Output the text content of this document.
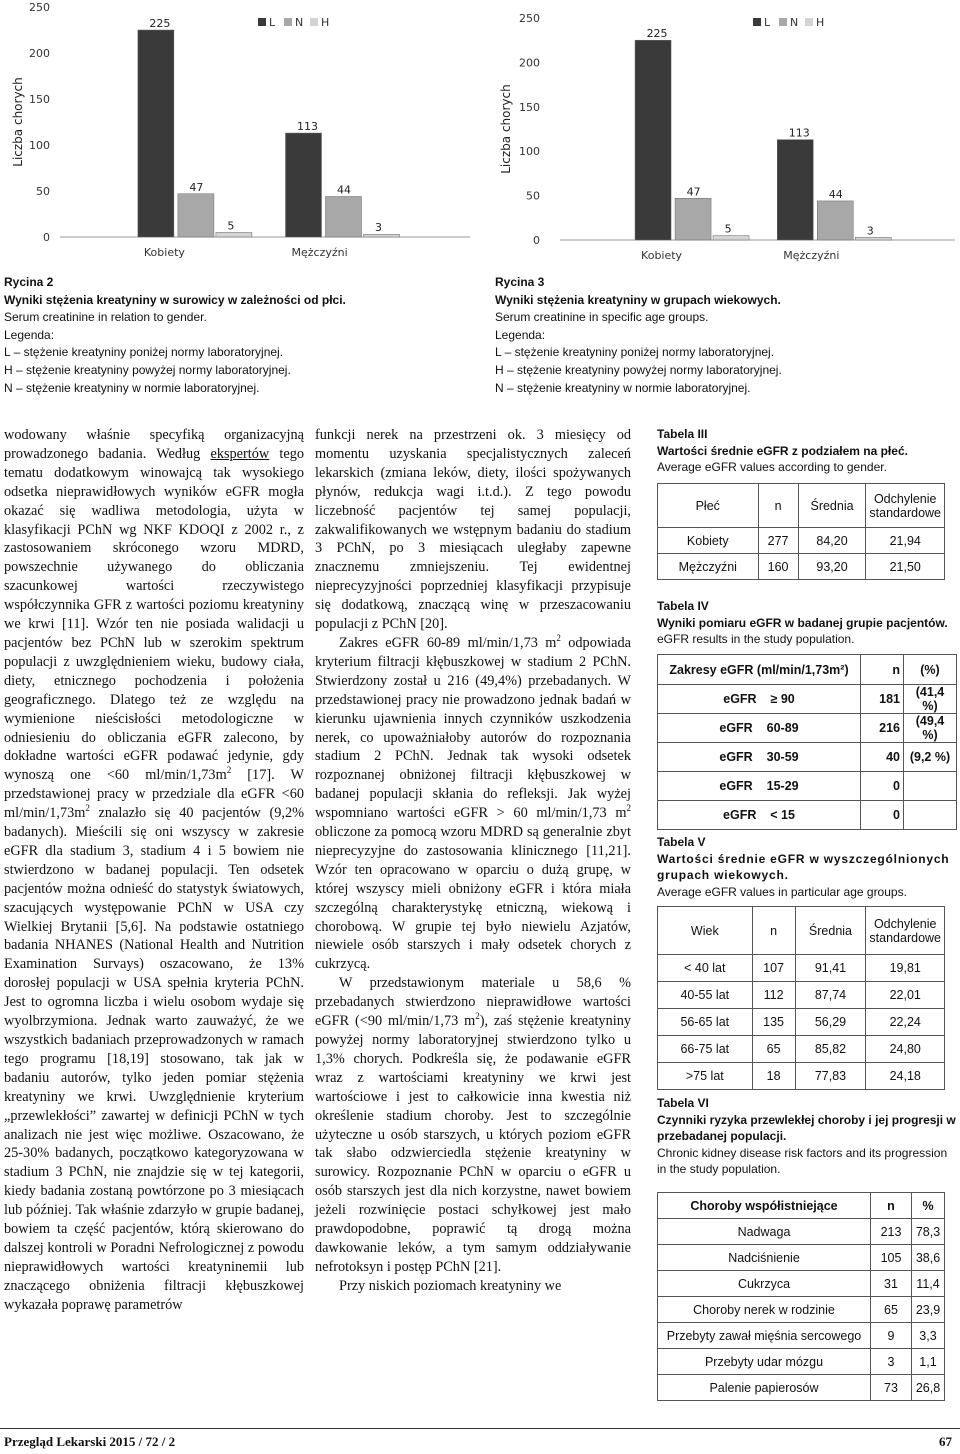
0
50
100
150
200
250
Liczba chorych
L N H
225
47
5
Kobiety
113
44
3
Mężczyźni
0
50
100
150
200
250
Liczba chorych
L N H
225
47
5
Kobiety
113
44
3
Mężczyźni
Rycina 2
Wyniki stężenia kreatyniny w surowicy w zależności od płci.
Serum creatinine in relation to gender.
Legenda:
L – stężenie kreatyniny poniżej normy laboratoryjnej.
H – stężenie kreatyniny powyżej normy laboratoryjnej.
N – stężenie kreatyniny w normie laboratoryjnej.
Rycina 3
Wyniki stężenia kreatyniny w grupach wiekowych.
Serum creatinine in specific age groups.
Legenda:
L – stężenie kreatyniny poniżej normy laboratoryjnej.
H – stężenie kreatyniny powyżej normy laboratoryjnej.
N – stężenie kreatyniny w normie laboratoryjnej.

wodowany właśnie specyfiką organizacyjną prowadzonego badania. Według ekspertów tego tematu dodatkowym winowajcą tak wysokiego odsetka nieprawidłowych wyników eGFR mogła okazać się wadliwa metodologia, użyta w klasyfikacji PChN wg NKF KDOQI z 2002 r., z zastosowaniem skróconego wzoru MDRD, powszechnie używanego do obliczania szacunkowej wartości rzeczywistego współczynnika GFR z wartości poziomu kreatyniny we krwi [11]. Wzór ten nie posiada walidacji u pacjentów bez PChN lub w szerokim spektrum populacji z uwzględnieniem wieku, budowy ciała, diety, etnicznego pochodzenia i położenia geograficznego. Dlatego też ze względu na wymienione nieścisłości metodologiczne w odniesieniu do obliczania eGFR zalecono, by dokładne wartości eGFR podawać jedynie, gdy wynoszą one <60 $ml/\min/1,73m^2$ [17]. W przedstawionej pracy w przedziale dla eGFR <60 $ml/\min/1,73m^2$ znalazło się 40 pacjentów (9,2% badanych). Mieścili się oni wszyscy w zakresie eGFR dla stadium 3, stadium 4 i 5 bowiem nie stwierdzono w badanej populacji. Ten odsetek pacjentów można odnieść do statystyk światowych, szacujących występowanie PChN w USA czy Wielkiej Brytanii [5,6]. Na podstawie ostatniego badania NHANES (National Health and Nutrition Examination Survays) oszacowano, że 13% dorosłej populacji w USA spełnia kryteria PChN. Jest to ogromna liczba i wielu osobom wydaje się wyolbrzymiona. Jednak warto zauważyć, że we wszystkich badaniach przeprowadzonych w ramach tego programu [18,19] stosowano, tak jak w badaniu autorów, tylko jeden pomiar stężenia kreatyniny we krwi. Uwzględnienie kryterium „przewlekłości” zawartej w definicji PChN w tych analizach nie jest więc możliwe. Oszacowano, że 25-30% badanych, początkowo kategoryzowana w stadium 3 PChN, nie znajdzie się w tej kategorii, kiedy badania zostaną powtórzone po 3 miesiącach lub później. Tak właśnie zdarzyło w grupie badanej, bowiem ta część pacjentów, którą skierowano do dalszej kontroli w Poradni Nefrologicznej z powodu nieprawidłowych wartości kreatyninemii lub znaczącego obniżenia filtracji kłębuszkowej wykazała poprawę parametrów

funkcji nerek na przestrzeni ok. 3 miesięcy od momentu uzyskania specjalistycznych zaleceń lekarskich (zmiana leków, diety, ilości spożywanych płynów, redukcja wagi i.t.d.). Z tego powodu liczebność pacjentów tej samej populacji, zakwalifikowanych we wstępnym badaniu do stadium 3 PChN, po 3 miesiącach uległaby zapewne znacznemu zmniejszeniu. Tej ewidentnej nieprecyzyjności poprzedniej klasyfikacji przypisuje się dodatkową, znaczącą winę w przeszacowaniu populacji z PChN [20].

Zakres eGFR 60-89 ml/min/1,73 $m^2$ odpowiada kryterium filtracji kłębuszkowej w stadium 2 PChN. Stwierdzony został u 216 (49,4%) przebadanych. W przedstawionej pracy nie prowadzono jednak badań w kierunku ujawnienia innych czynników uszkodzenia nerek, co upoważniałoby autorów do rozpoznania stadium 2 PChN. Jednak tak wysoki odsetek rozpoznanej obniżonej filtracji kłębuszkowej w badanej populacji skłania do refleksji. Jak wyżej wspomniano wartości eGFR > 60 ml/min/1,73 $m^2$ obliczone za pomocą wzoru MDRD są generalnie zbyt nieprecyzyjne do zastosowania klinicznego [11,21]. Wzór ten opracowano w oparciu o dużą grupę, w której wszyscy mieli obniżony eGFR i która miała szczególną charakterystykę etniczną, wiekową i chorobową. W grupie tej było niewielu Azjatów, niewiele osób starszych i mały odsetek chorych z cukrzycą.

W przedstawionym materiale u 58,6 % przebadanych stwierdzono nieprawidłowe wartości eGFR (<90 ml/min/1,73 $m^2$), zaś stężenie kreatyniny powyżej normy laboratoryjnej stwierdzono tylko u 1,3% chorych. Podkreśla się, że podawanie eGFR wraz z wartościami kreatyniny we krwi jest wartościowe i jest to całkowicie inna kwestia niż określenie stadium choroby. Jest to szczególnie użyteczne u osób starszych, u których poziom eGFR tak słabo odzwierciedla stężenie kreatyniny w surowicy. Rozpoznanie PChN w oparciu o eGFR u osób starszych jest dla nich korzystne, nawet bowiem jeżeli rozwinięcie postaci schyłkowej jest mało prawdopodobne, poprawić tą drogą można dawkowanie leków, a tym samym oddziaływanie nefrotoksyn i postęp PChN [21].

Przy niskich poziomach kreatyniny we

Tabela III
Wartości średnie eGFR z podziałem na płeć.
Average eGFR values according to gender.
Płeć	n	Średnia	Odchylenie standardowe
Kobiety	277	84,20	21,94
Mężczyźni	160	93,20	21,50
Tabela IV
Wyniki pomiaru eGFR w badanej grupie pacjentów.
eGFR results in the study population.
Zakresy eGFR (ml/min/1,73m²)	n	(%)
eGFR ≥ 90	181	(41,4 %)
eGFR 60-89	216	(49,4 %)
eGFR 30-59	40	(9,2 %)
eGFR 15-29	0	
eGFR < 15	0	
Tabela V
Wartości średnie eGFR w wyszczególnionych grupach wiekowych.
Average eGFR values in particular age groups.
Wiek	n	Średnia	Odchylenie standardowe
< 40 lat	107	91,41	19,81
40-55 lat	112	87,74	22,01
56-65 lat	135	56,29	22,24
66-75 lat	65	85,82	24,80
>75 lat	18	77,83	24,18
Tabela VI
Czynniki ryzyka przewlekłej choroby i jej progresji w przebadanej populacji.
Chronic kidney disease risk factors and its progression in the study population.
Choroby współistniejące	n	%
Nadwaga	213	78,3
Nadciśnienie	105	38,6
Cukrzyca	31	11,4
Choroby nerek w rodzinie	65	23,9
Przebyty zawał mięśnia sercowego	9	3,3
Przebyty udar mózgu	3	1,1
Palenie papierosów	73	26,8
Przegląd Lekarski 2015 / 72 / 2	67
